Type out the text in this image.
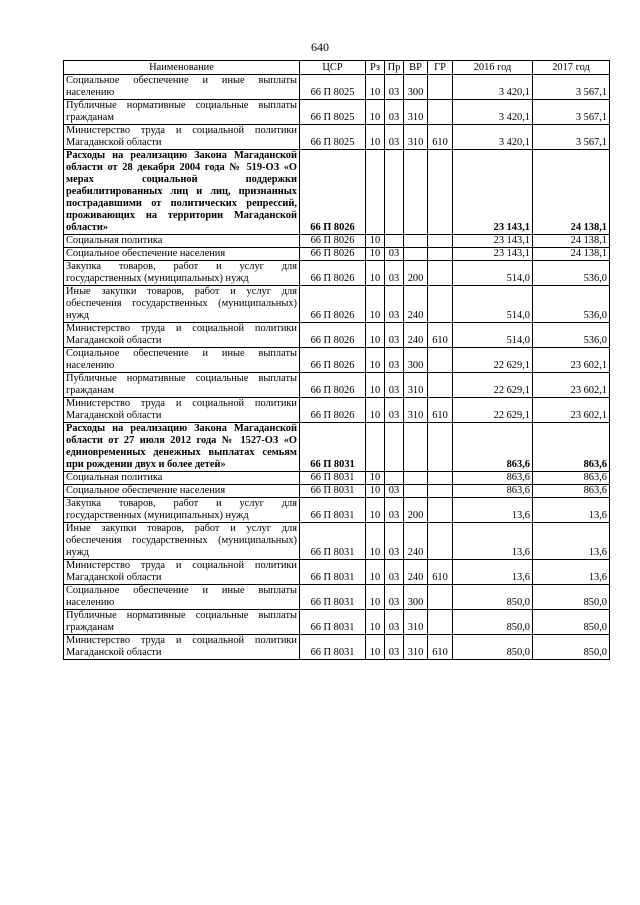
640
Наименование	ЦСР	Рз	Пр	ВР	ГР	2016 год	2017 год
Социальное обеспечение и иные выплаты населению	66 П 8025	10	03	300		3 420,1	3 567,1
Публичные нормативные социальные выплаты гражданам	66 П 8025	10	03	310		3 420,1	3 567,1
Министерство труда и социальной политики Магаданской области	66 П 8025	10	03	310	610	3 420,1	3 567,1
Расходы на реализацию Закона Магаданской области от 28 декабря 2004 года № 519-ОЗ «О мерах социальной поддержки реабилитированных лиц и лиц, признанных пострадавшими от политических репрессий, проживающих на территории Магаданской области»	66 П 8026					23 143,1	24 138,1
Социальная политика	66 П 8026	10				23 143,1	24 138,1
Социальное обеспечение населения	66 П 8026	10	03			23 143,1	24 138,1
Закупка товаров, работ и услуг для государственных (муниципальных) нужд	66 П 8026	10	03	200		514,0	536,0
Иные закупки товаров, работ и услуг для обеспечения государственных (муниципальных) нужд	66 П 8026	10	03	240		514,0	536,0
Министерство труда и социальной политики Магаданской области	66 П 8026	10	03	240	610	514,0	536,0
Социальное обеспечение и иные выплаты населению	66 П 8026	10	03	300		22 629,1	23 602,1
Публичные нормативные социальные выплаты гражданам	66 П 8026	10	03	310		22 629,1	23 602,1
Министерство труда и социальной политики Магаданской области	66 П 8026	10	03	310	610	22 629,1	23 602,1
Расходы на реализацию Закона Магаданской области от 27 июля 2012 года № 1527-ОЗ «О единовременных денежных выплатах семьям при рождении двух и более детей»	66 П 8031					863,6	863,6
Социальная политика	66 П 8031	10				863,6	863,6
Социальное обеспечение населения	66 П 8031	10	03			863,6	863,6
Закупка товаров, работ и услуг для государственных (муниципальных) нужд	66 П 8031	10	03	200		13,6	13,6
Иные закупки товаров, работ и услуг для обеспечения государственных (муниципальных) нужд	66 П 8031	10	03	240		13,6	13,6
Министерство труда и социальной политики Магаданской области	66 П 8031	10	03	240	610	13,6	13,6
Социальное обеспечение и иные выплаты населению	66 П 8031	10	03	300		850,0	850,0
Публичные нормативные социальные выплаты гражданам	66 П 8031	10	03	310		850,0	850,0
Министерство труда и социальной политики Магаданской области	66 П 8031	10	03	310	610	850,0	850,0
